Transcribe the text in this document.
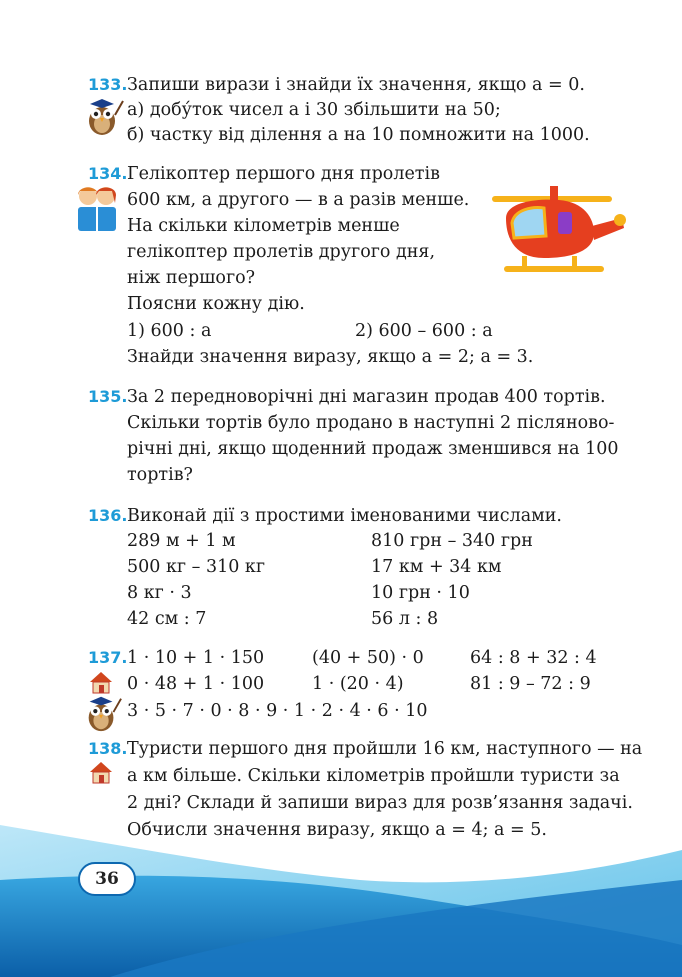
36
133. Запиши вирази і знайди їх значення, якщо a = 0.
а) добу́ток чисел a і 30 збільшити на 50;
б) частку від ділення a на 10 помножити на 1000.
134. Гелікоптер першого дня пролетів
600 км, а другого — в a разів менше.
На скільки кілометрів менше
гелікоптер пролетів другого дня,
ніж першого?
Поясни кожну дію.
1) 600 : a	2) 600 – 600 : a
Знайди значення виразу, якщо a = 2; a = 3.
135. За 2 передноворічні дні магазин продав 400 тортів.
Скільки тортів було продано в наступні 2 післяново-
річні дні, якщо щоденний продаж зменшився на 100
тортів?
136. Виконай дії з простими іменованими числами.
289 м + 1 м
500 кг – 310 кг
8 кг · 3
42 см : 7
810 грн – 340 грн
17 км + 34 км
10 грн · 10
56 л : 8
137. 1 · 10 + 1 · 150
0 · 48 + 1 · 100
(40 + 50) · 0
1 · (20 · 4)
64 : 8 + 32 : 4
81 : 9 – 72 : 9
3 · 5 · 7 · 0 · 8 · 9 · 1 · 2 · 4 · 6 · 10
138. Туристи першого дня пройшли 16 км, наступного — на
a км більше. Скільки кілометрів пройшли туристи за
2 дні? Склади й запиши вираз для розв’язання задачі.
Обчисли значення виразу, якщо a = 4; a = 5.
